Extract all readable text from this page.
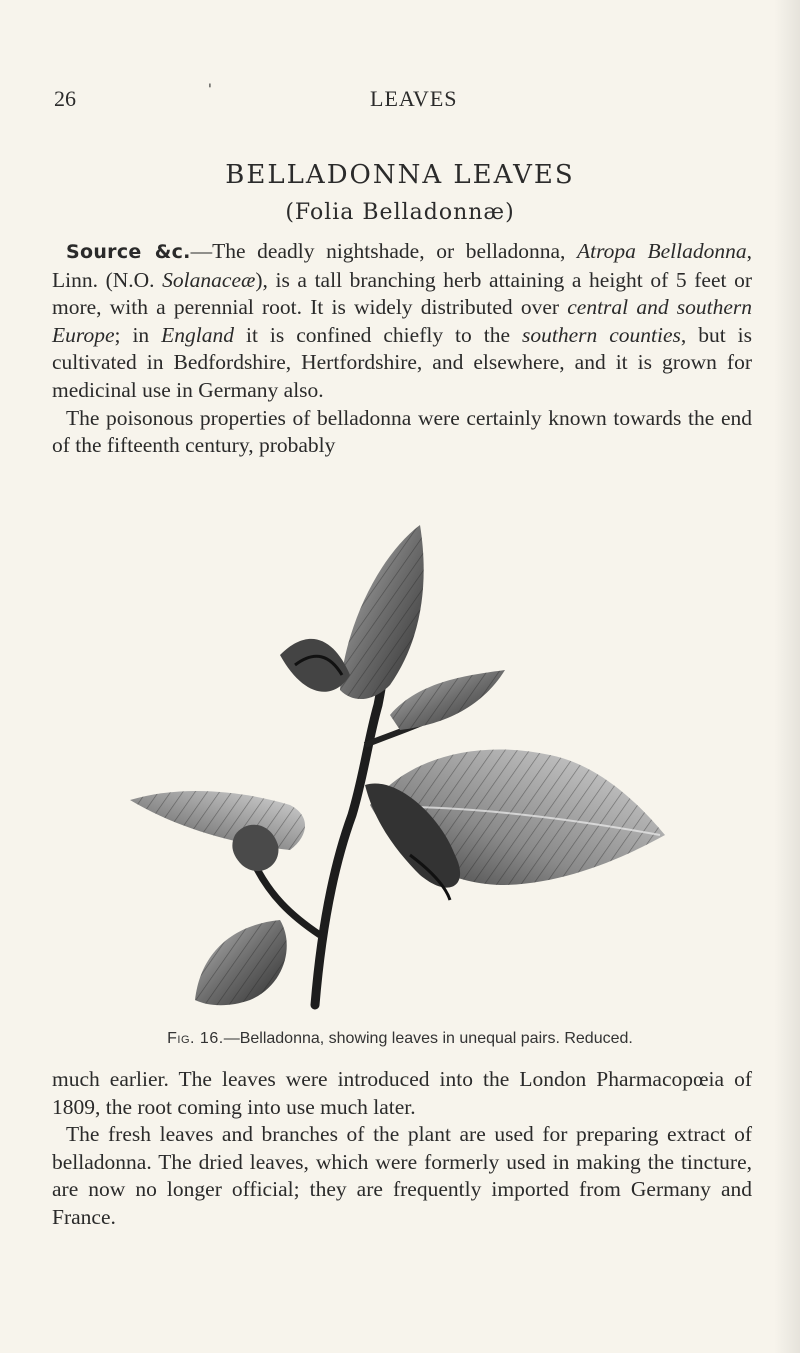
26	'	LEAVES
BELLADONNA LEAVES
(Folia Belladonnæ)
Source &c.—The deadly nightshade, or belladonna, Atropa Belladonna, Linn. (N.O. Solanaceæ), is a tall branching herb attaining a height of 5 feet or more, with a perennial root. It is widely distributed over central and southern Europe; in England it is confined chiefly to the southern counties, but is cultivated in Bedfordshire, Hertfordshire, and elsewhere, and it is grown for medicinal use in Germany also.
The poisonous properties of belladonna were certainly known towards the end of the fifteenth century, probably
Fig. 16.—Belladonna, showing leaves in unequal pairs. Reduced.
much earlier. The leaves were introduced into the London Pharmacopœia of 1809, the root coming into use much later.
The fresh leaves and branches of the plant are used for preparing extract of belladonna. The dried leaves, which were formerly used in making the tincture, are now no longer official; they are frequently imported from Germany and France.
